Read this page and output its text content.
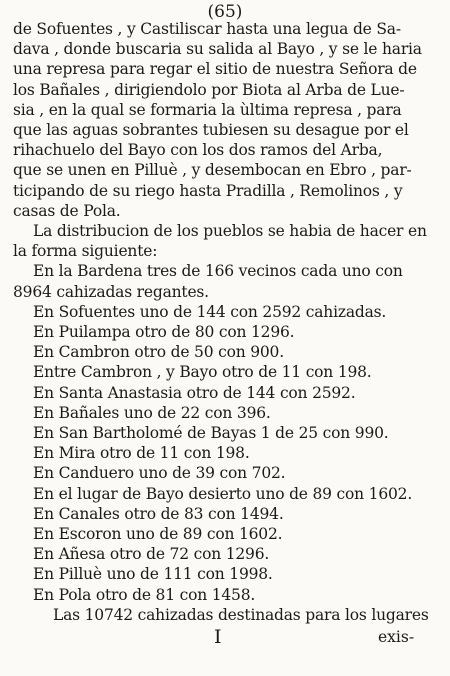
(65)
de Sofuentes , y Castiliscar hasta una legua de Sa-
dava , donde buscaria su salida al Bayo , y se le haria
una represa para regar el sitio de nuestra Señora de
los Bañales , dirigiendolo por Biota al Arba de Lue-
sia , en la qual se formaria la ùltima represa , para
que las aguas sobrantes tubiesen su desague por el
rihachuelo del Bayo con los dos ramos del Arba,
que se unen en Pilluè , y desembocan en Ebro , par-
ticipando de su riego hasta Pradilla , Remolinos , y
casas de Pola.
La distribucion de los pueblos se habia de hacer en
la forma siguiente:
En la Bardena tres de 166 vecinos cada uno con
8964 cahizadas regantes.
En Sofuentes uno de 144 con 2592 cahizadas.
En Puilampa otro de 80 con 1296.
En Cambron otro de 50 con 900.
Entre Cambron , y Bayo otro de 11 con 198.
En Santa Anastasia otro de 144 con 2592.
En Bañales uno de 22 con 396.
En San Bartholomé de Bayas 1 de 25 con 990.
En Mira otro de 11 con 198.
En Canduero uno de 39 con 702.
En el lugar de Bayo desierto uno de 89 con 1602.
En Canales otro de 83 con 1494.
En Escoron uno de 89 con 1602.
En Añesa otro de 72 con 1296.
En Pilluè uno de 111 con 1998.
En Pola otro de 81 con 1458.
Las 10742 cahizadas destinadas para los lugares
I	exis-
